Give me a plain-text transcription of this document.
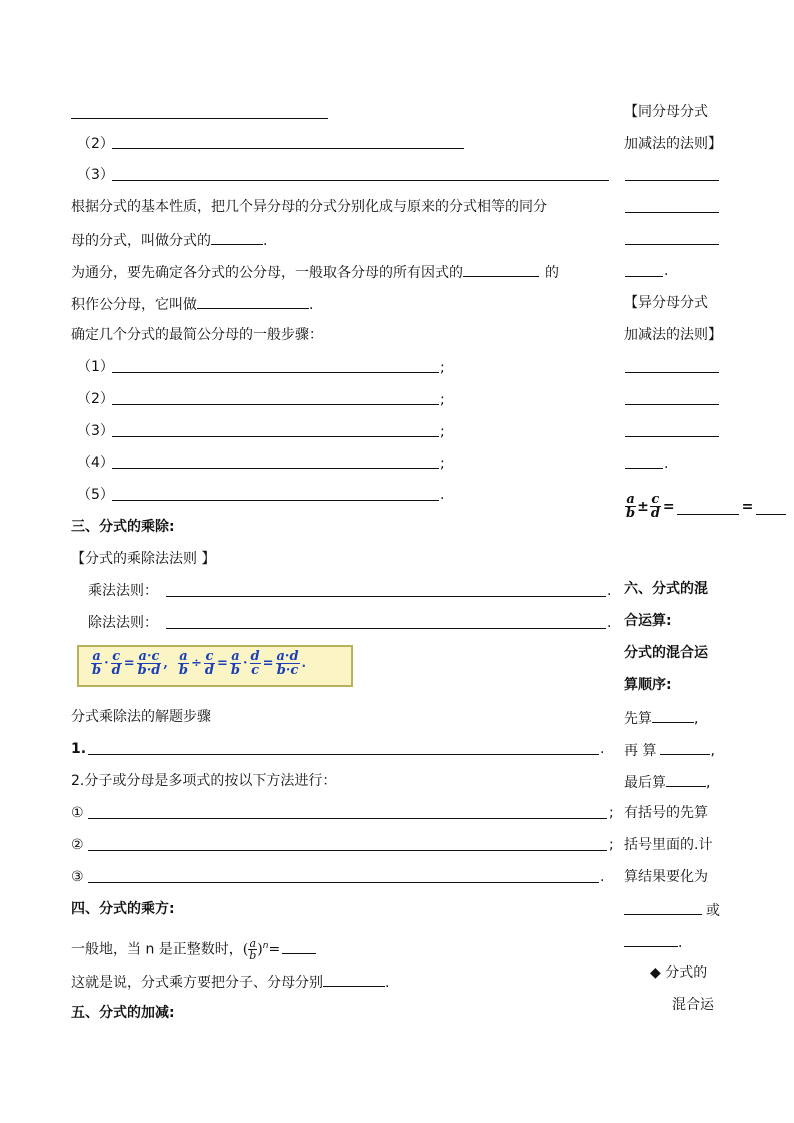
（2）
（3）
根据分式的基本性质，把几个异分母的分式分别化成与原来的分式相等的同分
母的分式，叫做分式的	.
为通分，要先确定各分式的公分母，一般取各分母的所有因式的	的
积作公分母，它叫做	.
确定几个分式的最简公分母的一般步骤：
（1）	;
（2）	;
（3）	;
（4）	;
（5）	.
三、分式的乘除:
【分式的乘除法法则 】
乘法法则：	.
除法法则：	.
$\frac{a}{b} \cdot \frac{c}{d} = \frac{a\cdot c}{b\cdot d}$ , $\frac{a}{b} \div \frac{c}{d} = \frac{a}{b} \cdot \frac{d}{c} = \frac{a\cdot d}{b\cdot c}$ .
分式乘除法的解题步骤
1.	.
2.分子或分母是多项式的按以下方法进行：
①	;
②	;
③	.
四、分式的乘方:
一般地，当 n 是正整数时，( $\frac{a}{b} )^n=$
这就是说，分式乘方要把分子、分母分别	.
五、分式的加减:
【同分母分式
加减法的法则】
.
【异分母分式
加减法的法则】
.
$\frac{a}{b} \pm \frac{c}{d}$ =	=
六、分式的混
合运算:
分式的混合运
算顺序:
先算	,
再 算	,
最后算	,
有括号的先算
括号里面的.计
算结果要化为
或
.
◆ 分式的
混合运
